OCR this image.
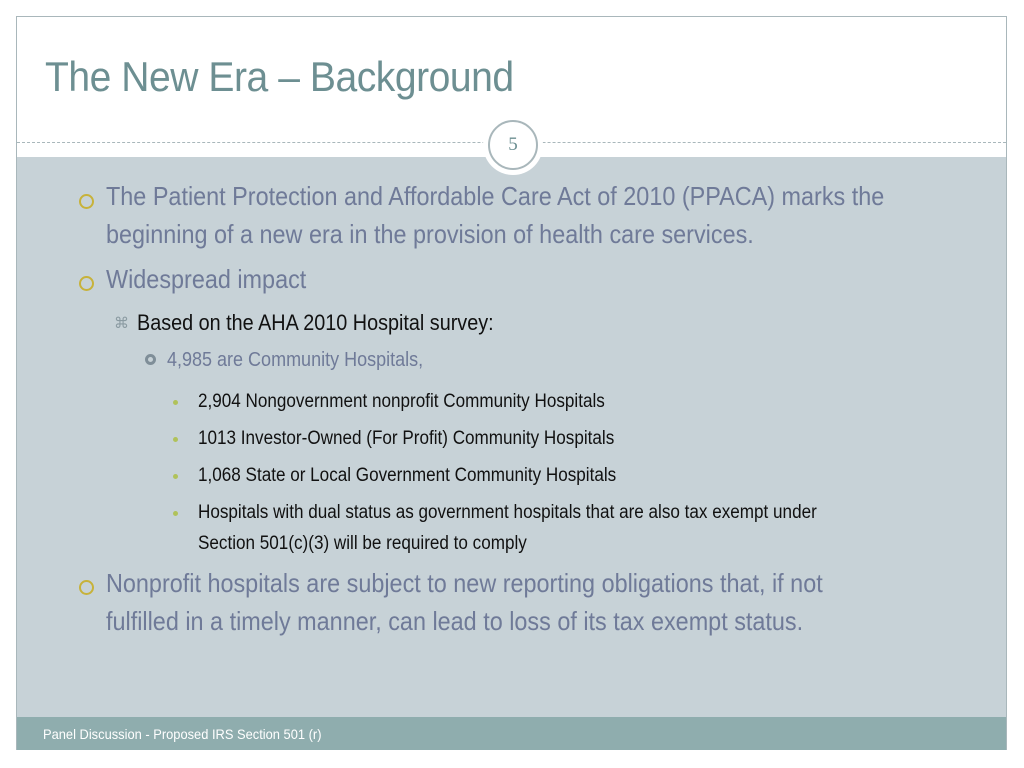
The New Era – Background
5
The Patient Protection and Affordable Care Act of 2010 (PPACA) marks the
beginning of a new era in the provision of health care services.
Widespread impact
⌘ Based on the AHA 2010 Hospital survey:
4,985 are Community Hospitals,
2,904 Nongovernment nonprofit Community Hospitals
1013 Investor-Owned (For Profit) Community Hospitals
1,068 State or Local Government Community Hospitals
Hospitals with dual status as government hospitals that are also tax exempt under
Section 501(c)(3) will be required to comply
Nonprofit hospitals are subject to new reporting obligations that, if not
fulfilled in a timely manner, can lead to loss of its tax exempt status.
Panel Discussion - Proposed IRS Section 501 (r)
